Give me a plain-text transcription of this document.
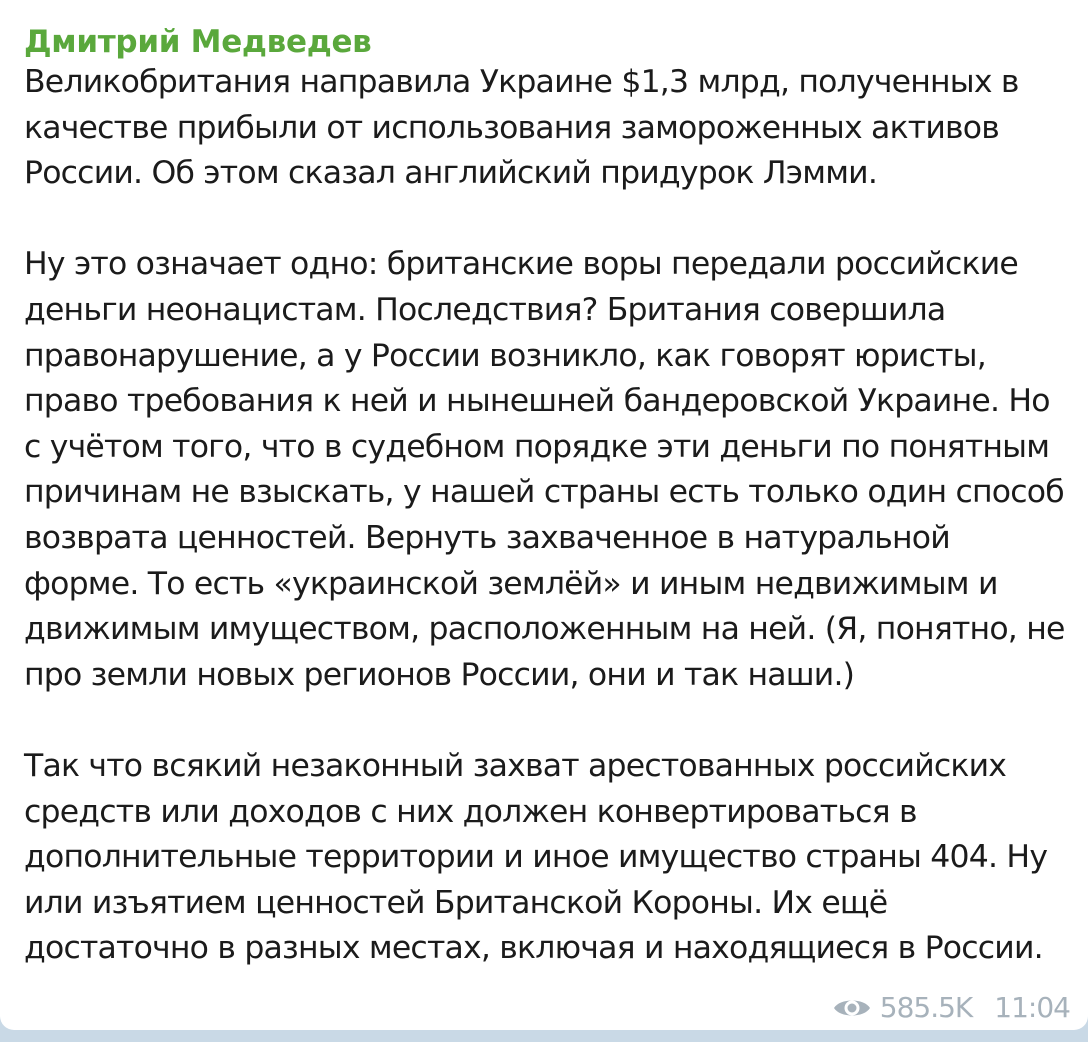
Дмитрий Медведев
Великобритания направила Украине $1,3 млрд, полученных в
качестве прибыли от использования замороженных активов
России. Об этом сказал английский придурок Лэмми.
Ну это означает одно: британские воры передали российские
деньги неонацистам. Последствия? Британия совершила
правонарушение, а у России возникло, как говорят юристы,
право требования к ней и нынешней бандеровской Украине. Но
с учётом того, что в судебном порядке эти деньги по понятным
причинам не взыскать, у нашей страны есть только один способ
возврата ценностей. Вернуть захваченное в натуральной
форме. То есть «украинской землёй» и иным недвижимым и
движимым имуществом, расположенным на ней. (Я, понятно, не
про земли новых регионов России, они и так наши.)
Так что всякий незаконный захват арестованных российских
средств или доходов с них должен конвертироваться в
дополнительные территории и иное имущество страны 404. Ну
или изъятием ценностей Британской Короны. Их ещё
достаточно в разных местах, включая и находящиеся в России.
585.5K 11:04
